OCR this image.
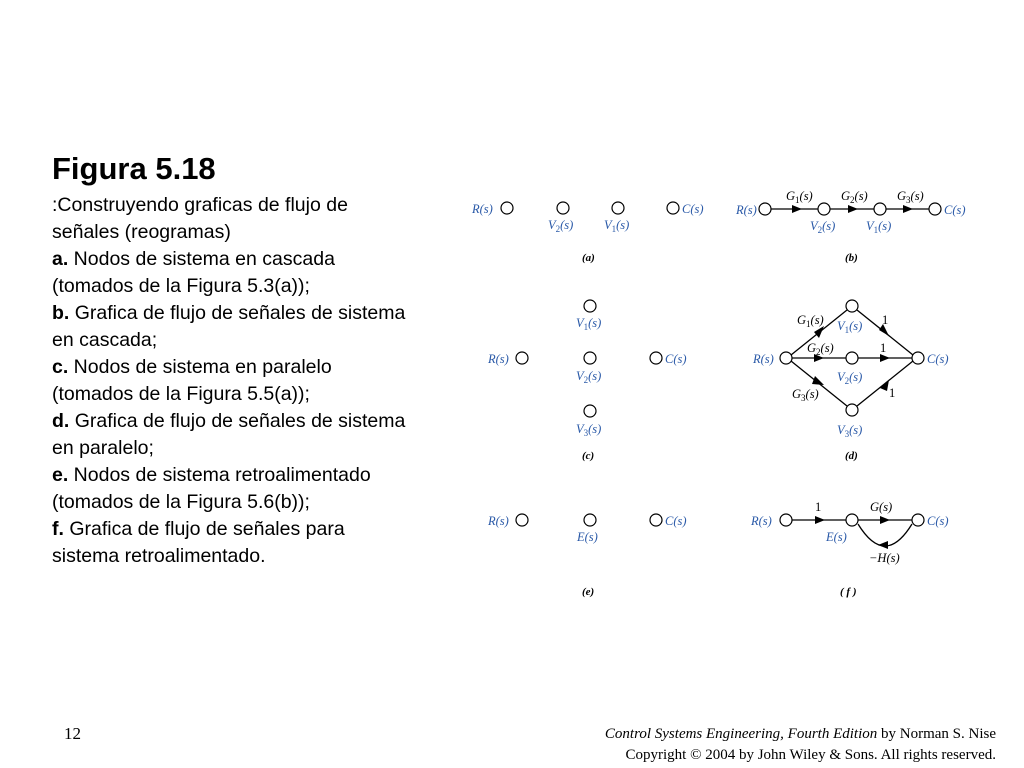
Figura 5.18

:Construyendo graficas de flujo de señales (reogramas)

a. Nodos de sistema en cascada (tomados de la Figura 5.3(a));

b. Grafica de flujo de señales de sistema en cascada;

c. Nodos de sistema en paralelo (tomados de la Figura 5.5(a));

d. Grafica de flujo de señales de sistema en paralelo;

e. Nodos de sistema retroalimentado (tomados de la Figura 5.6(b));

f. Grafica de flujo de señales para sistema retroalimentado.

R(s)
$V_2(s)$ $V_1(s)$
C(s)
(a)
R(s)
$G_1(s)$ $G_2(s)$ $G_3(s)$
$V_2(s)$ $V_1(s)$
C(s)
(b)
$V_1(s)$
R(s)
$V_2(s)$
C(s)
$V_3(s)$
(c)
R(s)
$G_1(s)$ $V_1(s)$
$G_2(s)$
$V_2(s)$
$G_3(s)$
$V_3(s)$
C(s)
1
1
1
(d)
R(s)
E(s)
C(s)
(e)
R(s)
1	G(s)
C(s)
E(s)
−H(s)
( f )
12	Control Systems Engineering, Fourth Edition by Norman S. Nise
Copyright © 2004 by John Wiley & Sons. All rights reserved.
